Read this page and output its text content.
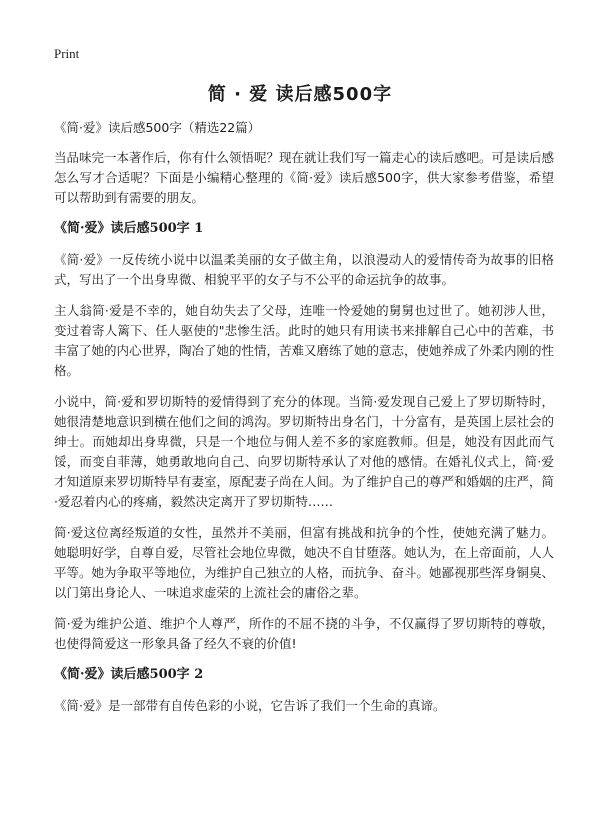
Print
简 · 爱 读后感500字

《简·爱》读后感500字（精选22篇）

当品味完一本著作后，你有什么领悟呢？现在就让我们写一篇走心的读后感吧。可是读后感怎么写才合适呢？下面是小编精心整理的《简·爱》读后感500字，供大家参考借鉴，希望可以帮助到有需要的朋友。

《简·爱》读后感500字 1

《简·爱》一反传统小说中以温柔美丽的女子做主角，以浪漫动人的爱情传奇为故事的旧格式，写出了一个出身卑微、相貌平平的女子与不公平的命运抗争的故事。

主人翁简·爱是不幸的，她自幼失去了父母，连唯一怜爱她的舅舅也过世了。她初涉人世，变过着寄人篱下、任人驱使的"悲惨生活。此时的她只有用读书来排解自己心中的苦难，书丰富了她的内心世界，陶冶了她的性情，苦难又磨练了她的意志，使她养成了外柔内刚的性格。

小说中，简·爱和罗切斯特的爱情得到了充分的体现。当简·爱发现自己爱上了罗切斯特时，她很清楚地意识到横在他们之间的鸿沟。罗切斯特出身名门，十分富有，是英国上层社会的绅士。而她却出身卑微，只是一个地位与佣人差不多的家庭教师。但是，她没有因此而气馁，而变自菲薄，她勇敢地向自己、向罗切斯特承认了对他的感情。在婚礼仪式上，简·爱才知道原来罗切斯特早有妻室，原配妻子尚在人间。为了维护自己的尊严和婚姻的庄严，简·爱忍着内心的疼痛，毅然决定离开了罗切斯特……

简·爱这位离经叛道的女性，虽然并不美丽，但富有挑战和抗争的个性，使她充满了魅力。她聪明好学，自尊自爱，尽管社会地位卑微，她决不自甘堕落。她认为，在上帝面前，人人平等。她为争取平等地位，为维护自己独立的人格，而抗争、奋斗。她鄙视那些浑身铜臭、以门第出身论人、一味追求虚荣的上流社会的庸俗之辈。

简·爱为维护公道、维护个人尊严，所作的不屈不挠的斗争，不仅赢得了罗切斯特的尊敬，也使得简爱这一形象具备了经久不衰的价值!

《简·爱》读后感500字 2

《简·爱》是一部带有自传色彩的小说，它告诉了我们一个生命的真谛。
